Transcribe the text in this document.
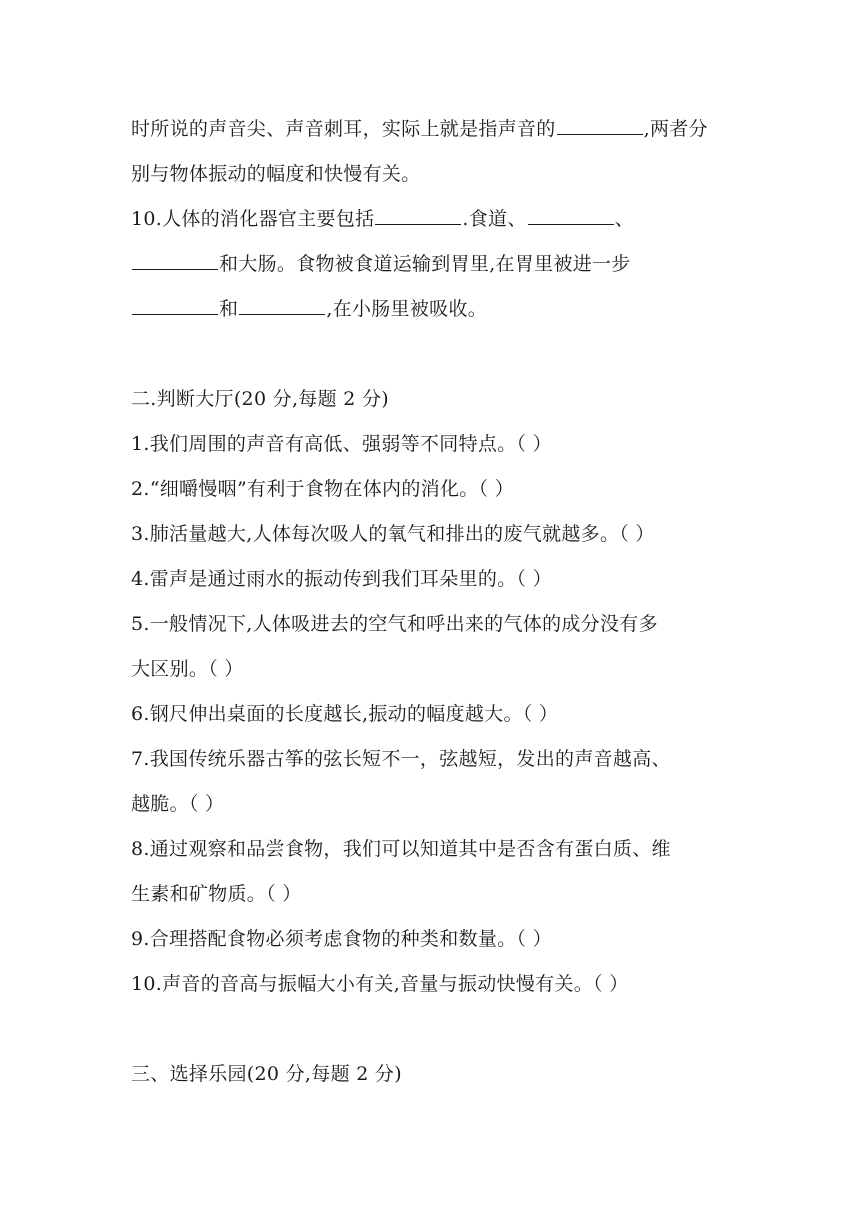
时所说的声音尖、声音刺耳，实际上就是指声音的	,两者分
别与物体振动的幅度和快慢有关。
10.人体的消化器官主要包括	.食道、	、
和大肠。食物被食道运输到胃里,在胃里被进一步
和	,在小肠里被吸收。
二.判断大厅(20 分,每题 2 分)
1.我们周围的声音有高低、强弱等不同特点。（ ）
2.“细嚼慢咽”有利于食物在体内的消化。（ ）
3.肺活量越大,人体每次吸人的氧气和排出的废气就越多。（ ）
4.雷声是通过雨水的振动传到我们耳朵里的。（ ）
5.一般情况下,人体吸进去的空气和呼出来的气体的成分没有多
大区别。（ ）
6.钢尺伸出桌面的长度越长,振动的幅度越大。（ ）
7.我国传统乐器古筝的弦长短不一，弦越短，发出的声音越高、
越脆。（ ）
8.通过观察和品尝食物，我们可以知道其中是否含有蛋白质、维
生素和矿物质。（ ）
9.合理搭配食物必须考虑食物的种类和数量。（ ）
10.声音的音高与振幅大小有关,音量与振动快慢有关。（ ）
三、选择乐园(20 分,每题 2 分)
